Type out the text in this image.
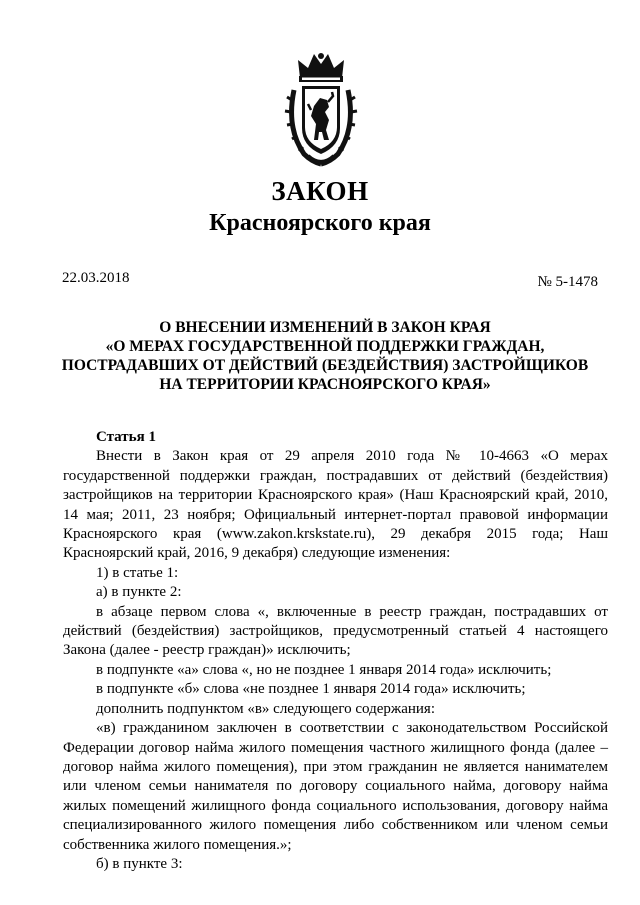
ЗАКОН
Красноярского края
22.03.2018	№ 5-1478
О ВНЕСЕНИИ ИЗМЕНЕНИЙ В ЗАКОН КРАЯ
«О МЕРАХ ГОСУДАРСТВЕННОЙ ПОДДЕРЖКИ ГРАЖДАН,
ПОСТРАДАВШИХ ОТ ДЕЙСТВИЙ (БЕЗДЕЙСТВИЯ) ЗАСТРОЙЩИКОВ
НА ТЕРРИТОРИИ КРАСНОЯРСКОГО КРАЯ»
Статья 1

Внести в Закон края от 29 апреля 2010 года № 10-4663 «О мерах государственной поддержки граждан, пострадавших от действий (бездействия) застройщиков на территории Красноярского края» (Наш Красноярский край, 2010, 14 мая; 2011, 23 ноября; Официальный интернет-портал правовой информации Красноярского края (www.zakon.krskstate.ru), 29 декабря 2015 года; Наш Красноярский край, 2016, 9 декабря) следующие изменения:

1) в статье 1:

а) в пункте 2:

в абзаце первом слова «, включенные в реестр граждан, пострадавших от действий (бездействия) застройщиков, предусмотренный статьей 4 настоящего Закона (далее - реестр граждан)» исключить;

в подпункте «а» слова «, но не позднее 1 января 2014 года» исключить;

в подпункте «б» слова «не позднее 1 января 2014 года» исключить;

дополнить подпунктом «в» следующего содержания:

«в) гражданином заключен в соответствии с законодательством Российской Федерации договор найма жилого помещения частного жилищного фонда (далее – договор найма жилого помещения), при этом гражданин не является нанимателем или членом семьи нанимателя по договору социального найма, договору найма жилых помещений жилищного фонда социального использования, договору найма специализированного жилого помещения либо собственником или членом семьи собственника жилого помещения.»;

б) в пункте 3:
